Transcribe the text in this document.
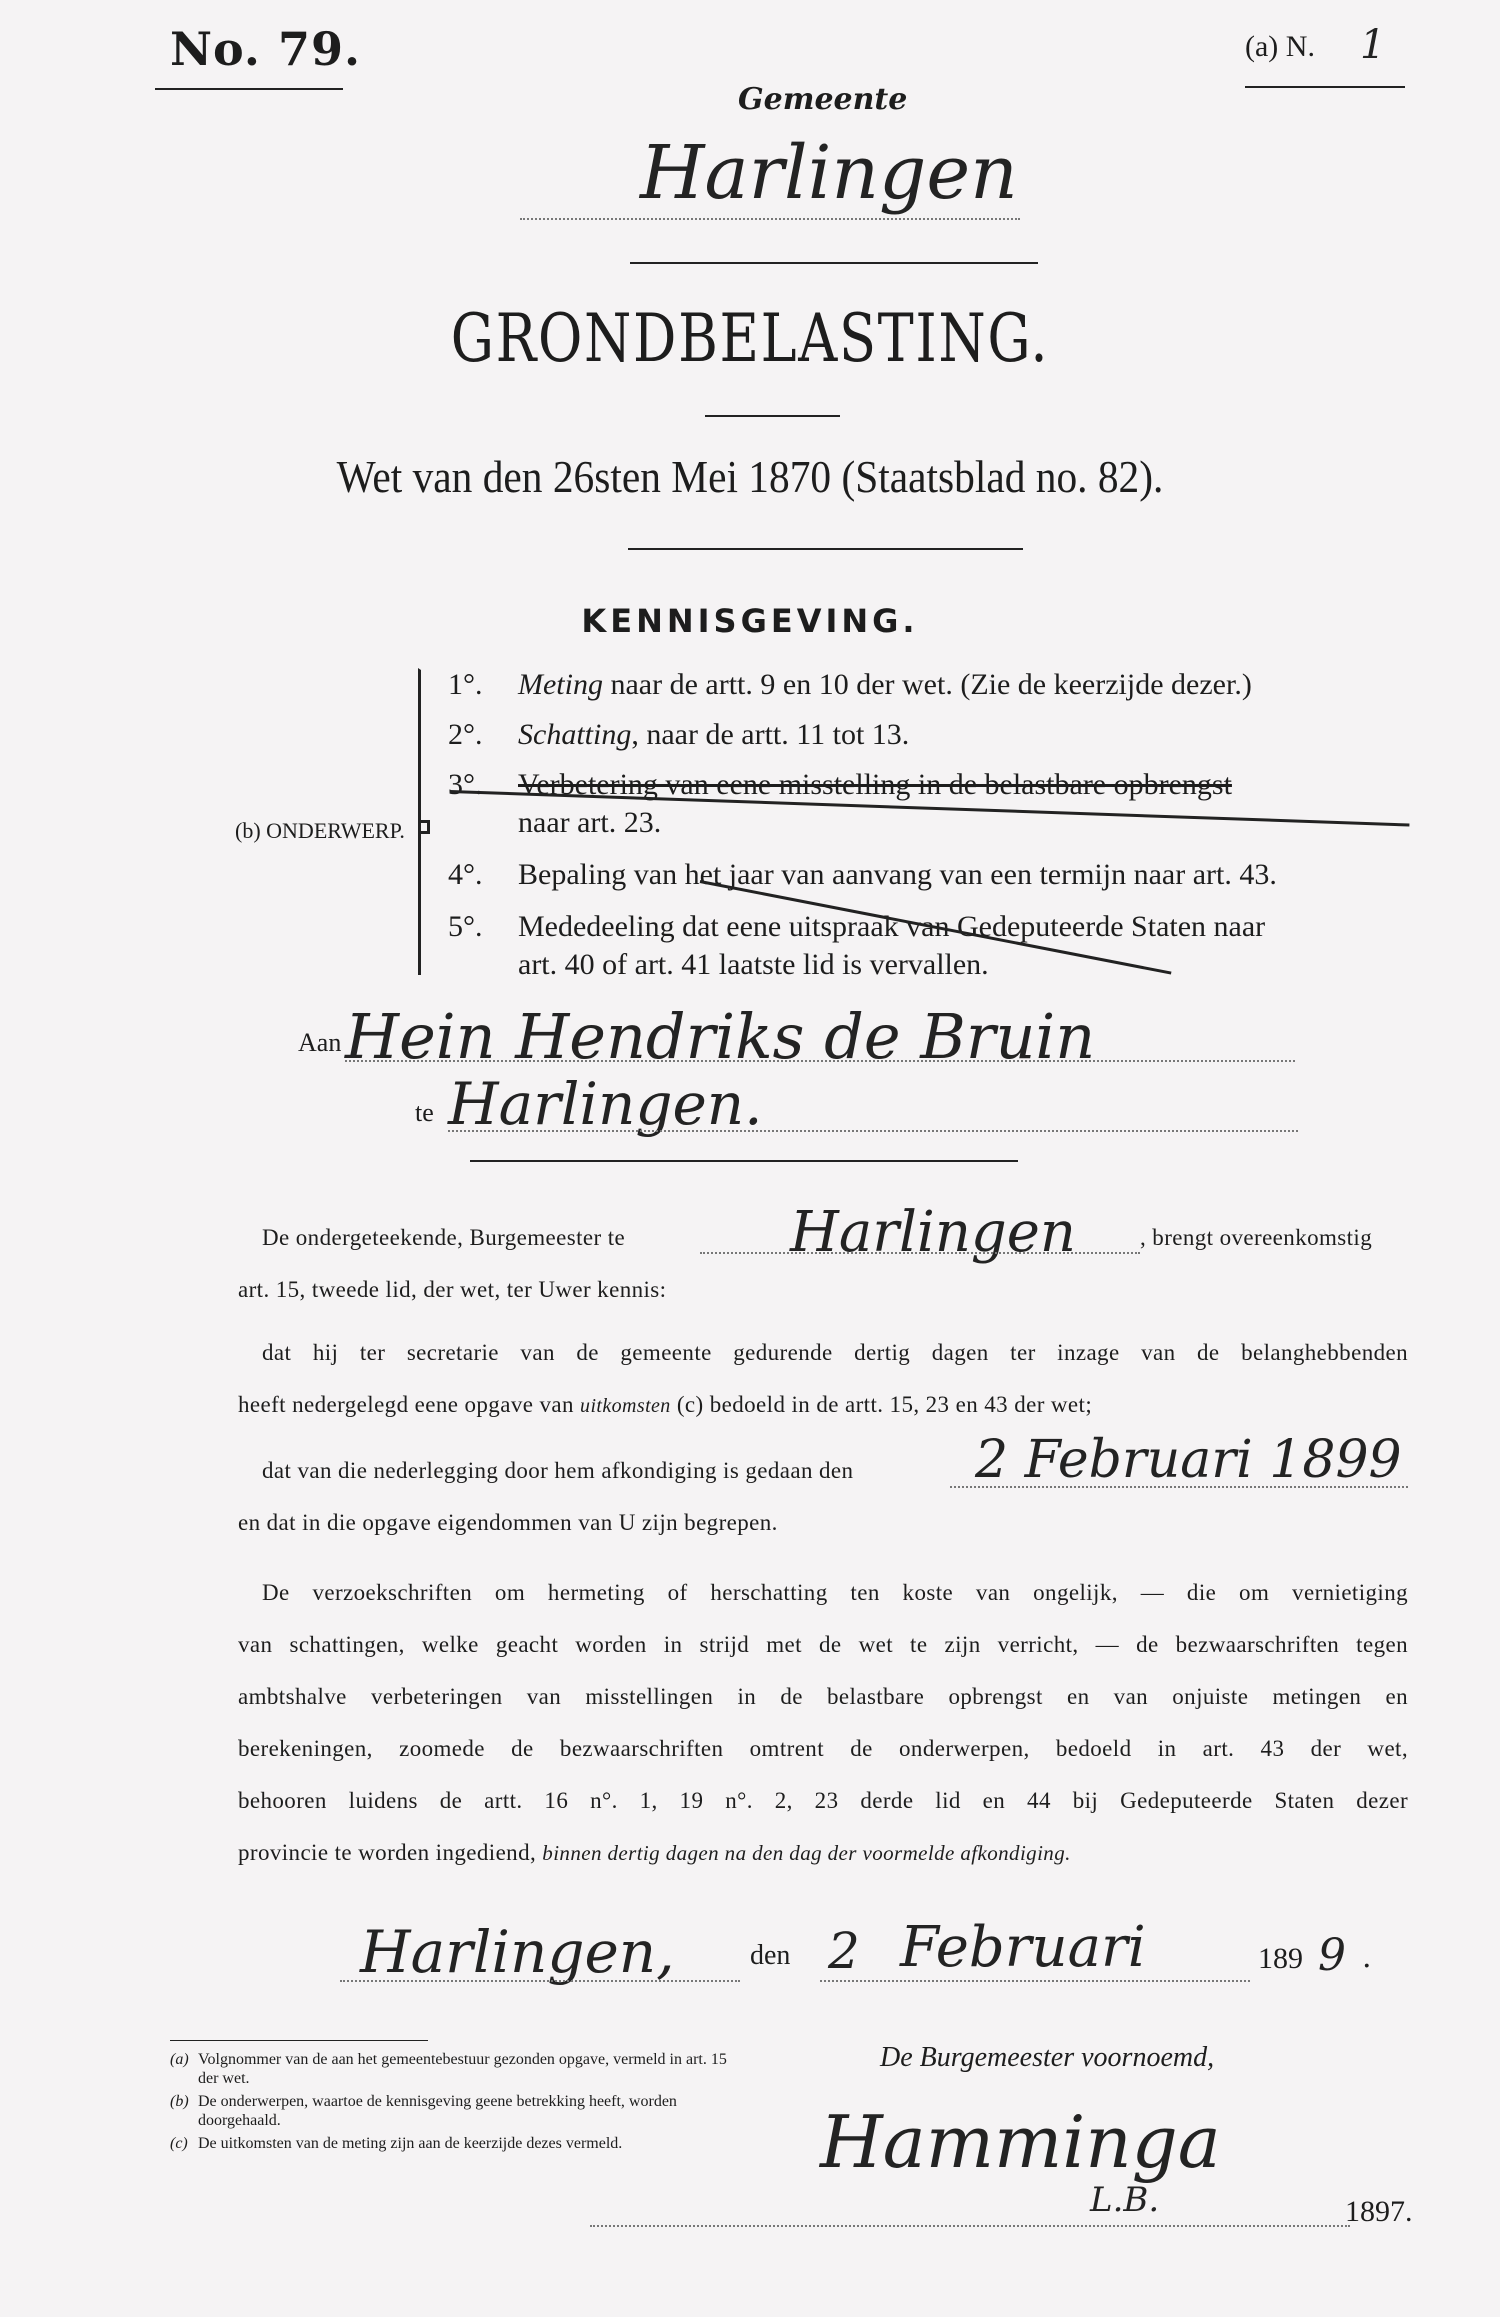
No. 79.	(a) N. 1
Gemeente
Harlingen
GRONDBELASTING.
Wet van den 26sten Mei 1870 (Staatsblad no. 82).
KENNISGEVING.
(b) ONDERWERP.
1°. Meting naar de artt. 9 en 10 der wet. (Zie de keerzijde dezer.)
2°. Schatting, naar de artt. 11 tot 13.
3°. Verbetering van eene misstelling in de belastbare opbrengst
naar art. 23.
4°. Bepaling van het jaar van aanvang van een termijn naar art. 43.
5°. Mededeeling dat eene uitspraak van Gedeputeerde Staten naar
art. 40 of art. 41 laatste lid is vervallen.
Aan Hein Hendriks de Bruin
te Harlingen.
De ondergeteekende, Burgemeester te	Harlingen	, brengt overeenkomstig
art. 15, tweede lid, der wet, ter Uwer kennis:
dat hij ter secretarie van de gemeente gedurende dertig dagen ter inzage van de belanghebbenden
heeft nedergelegd eene opgave van uitkomsten (c) bedoeld in de artt. 15, 23 en 43 der wet;
dat van die nederlegging door hem afkondiging is gedaan den 2 Februari 1899
en dat in die opgave eigendommen van U zijn begrepen.
De verzoekschriften om hermeting of herschatting ten koste van ongelijk, — die om vernietiging
van schattingen, welke geacht worden in strijd met de wet te zijn verricht, — de bezwaarschriften tegen
ambtshalve verbeteringen van misstellingen in de belastbare opbrengst en van onjuiste metingen en
berekeningen, zoomede de bezwaarschriften omtrent de onderwerpen, bedoeld in art. 43 der wet,
behooren luidens de artt. 16 n°. 1, 19 n°. 2, 23 derde lid en 44 bij Gedeputeerde Staten dezer
provincie te worden ingediend, binnen dertig dagen na den dag der voormelde afkondiging.
Harlingen,	den 2 Februari	189 9 .
(a) Volgnommer van de aan het gemeentebestuur gezonden opgave, vermeld in art. 15 der wet.
(b) De onderwerpen, waartoe de kennisgeving geene betrekking heeft, worden doorgehaald.
(c) De uitkomsten van de meting zijn aan de keerzijde dezes vermeld.
De Burgemeester voornoemd,
Hamminga
L.B.	1897.
